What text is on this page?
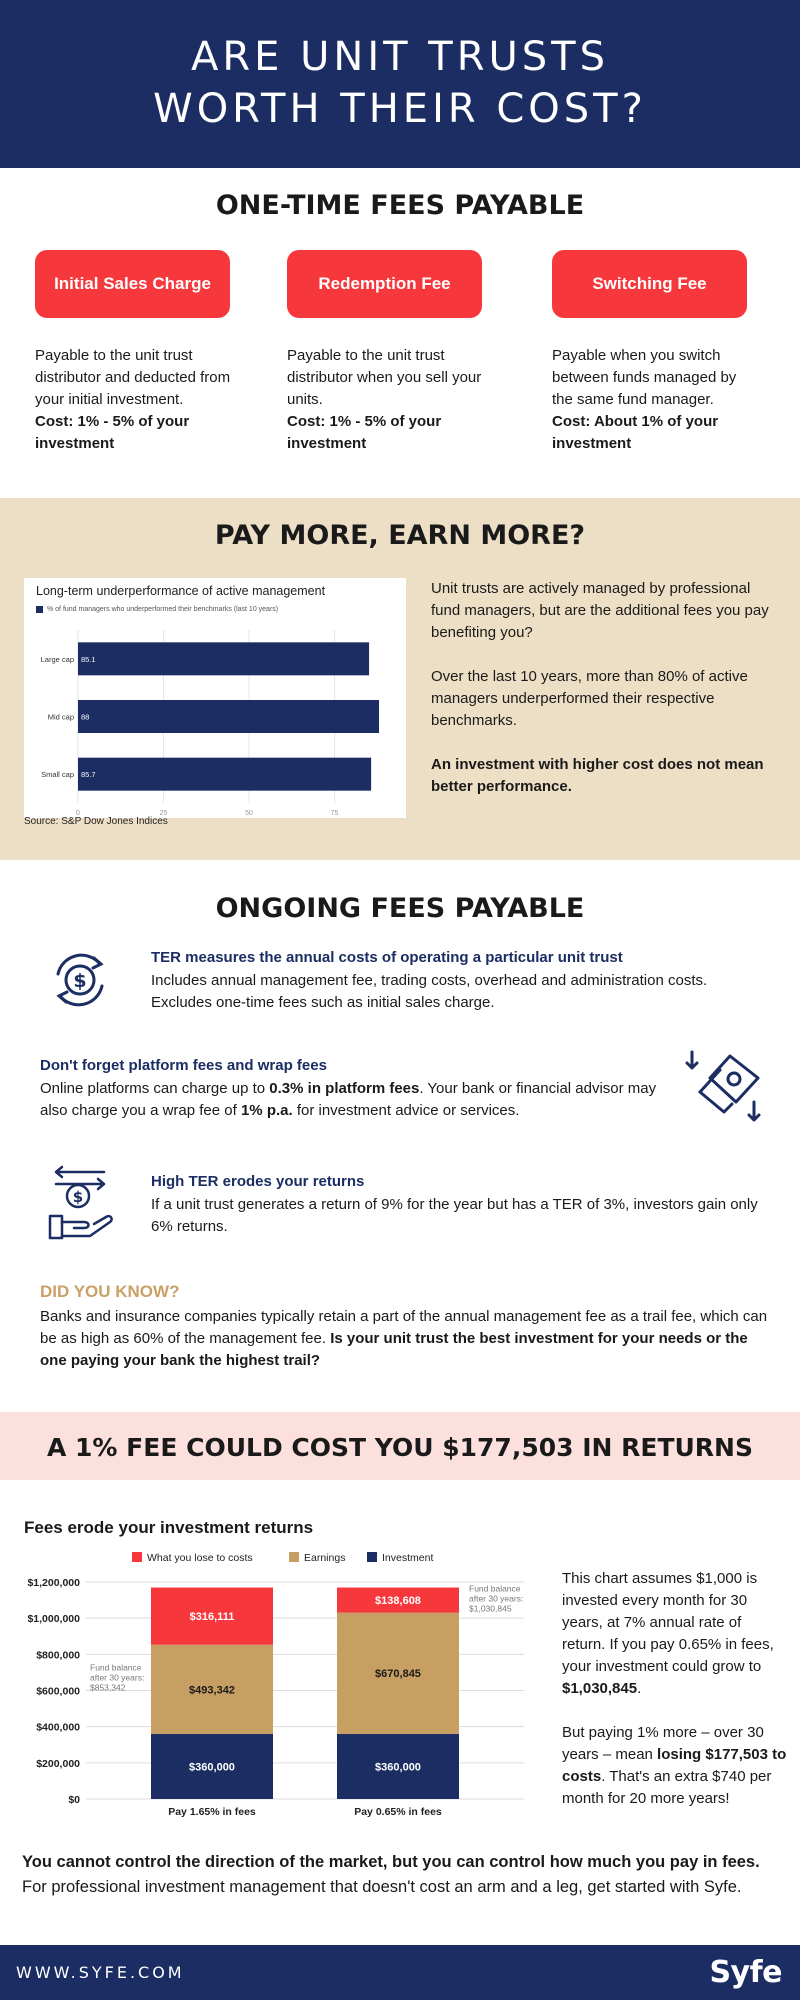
ARE UNIT TRUSTS
WORTH THEIR COST?
ONE-TIME FEES PAYABLE
Initial Sales Charge	Redemption Fee	Switching Fee
Payable to the unit trust distributor and deducted from your initial investment.
Cost: 1% - 5% of your investment
Payable to the unit trust distributor when you sell your units.
Cost: 1% - 5% of your investment
Payable when you switch between funds managed by the same fund manager.
Cost: About 1% of your investment
PAY MORE, EARN MORE?
Long-term underperformance of active management
% of fund managers who underperformed their benchmarks (last 10 years)
0	25	50	75
Large cap 85.1
Mid cap 88
Small cap 85.7
Source: S&P Dow Jones Indices
Unit trusts are actively managed by professional fund managers, but are the additional fees you pay benefiting you?
Over the last 10 years, more than 80% of active managers underperformed their respective benchmarks.
An investment with higher cost does not mean better performance.
ONGOING FEES PAYABLE
$
TER measures the annual costs of operating a particular unit trust
Includes annual management fee, trading costs, overhead and administration costs. Excludes one-time fees such as initial sales charge.
Don't forget platform fees and wrap fees
Online platforms can charge up to 0.3% in platform fees. Your bank or financial advisor may also charge you a wrap fee of 1% p.a. for investment advice or services.
$
High TER erodes your returns
If a unit trust generates a return of 9% for the year but has a TER of 3%, investors gain only 6% returns.
DID YOU KNOW?
Banks and insurance companies typically retain a part of the annual management fee as a trail fee, which can be as high as 60% of the management fee. Is your unit trust the best investment for your needs or the one paying your bank the highest trail?
A 1% FEE COULD COST YOU $177,503 IN RETURNS
Fees erode your investment returns
What you lose to costs	Earnings	Investment
$0
$200,000
$400,000
$600,000
$800,000
$1,000,000
$1,200,000
$360,000
$493,342
$316,111
Pay 1.65% in fees
$360,000
$670,845
$138,608
Pay 0.65% in fees
Fund balance
after 30 years:
$853,342
Fund balance
after 30 years:
$1,030,845
This chart assumes $1,000 is invested every month for 30 years, at 7% annual rate of return. If you pay 0.65% in fees, your investment could grow to $1,030,845.
But paying 1% more – over 30 years – mean losing $177,503 to costs. That's an extra $740 per month for 20 more years!
You cannot control the direction of the market, but you can control how much you pay in fees.
For professional investment management that doesn't cost an arm and a leg, get started with Syfe.
WWW.SYFE.COM	Syfe
